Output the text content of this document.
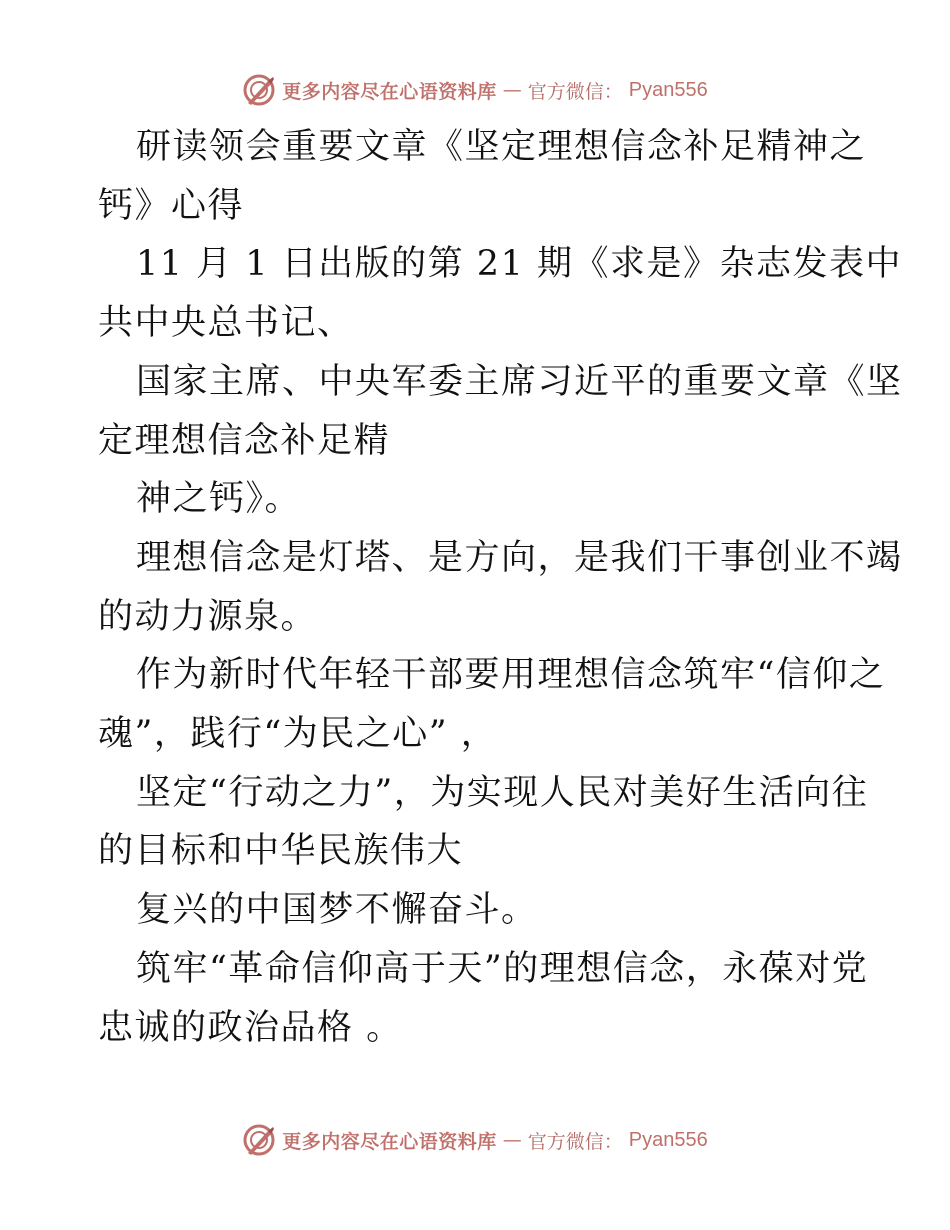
更多内容尽在心语资料库 — 官方微信： Pyan556

研读领会重要文章《坚定理想信念补足精神之

钙》心得

11 月 1 日出版的第 21 期《求是》杂志发表中

共中央总书记、

国家主席、中央军委主席习近平的重要文章《坚

定理想信念补足精

神之钙》。

理想信念是灯塔、是方向，是我们干事创业不竭

的动力源泉。

作为新时代年轻干部要用理想信念筑牢“信仰之

魂”，践行“为民之心” ，

坚定“行动之力”，为实现人民对美好生活向往

的目标和中华民族伟大

复兴的中国梦不懈奋斗。

筑牢“革命信仰高于天”的理想信念，永葆对党

忠诚的政治品格 。

更多内容尽在心语资料库 — 官方微信： Pyan556
